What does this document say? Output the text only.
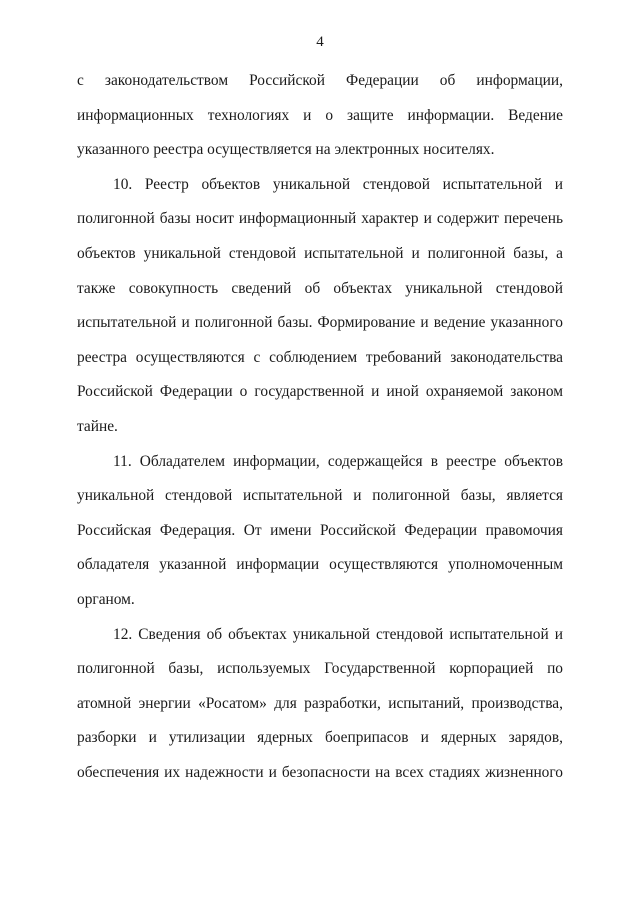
4

с законодательством Российской Федерации об информации, информационных технологиях и о защите информации. Ведение указанного реестра осуществляется на электронных носителях.

10. Реестр объектов уникальной стендовой испытательной и полигонной базы носит информационный характер и содержит перечень объектов уникальной стендовой испытательной и полигонной базы, а также совокупность сведений об объектах уникальной стендовой испытательной и полигонной базы. Формирование и ведение указанного реестра осуществляются с соблюдением требований законодательства Российской Федерации о государственной и иной охраняемой законом тайне.

11. Обладателем информации, содержащейся в реестре объектов уникальной стендовой испытательной и полигонной базы, является Российская Федерация. От имени Российской Федерации правомочия обладателя указанной информации осуществляются уполномоченным органом.

12. Сведения об объектах уникальной стендовой испытательной и полигонной базы, используемых Государственной корпорацией по атомной энергии «Росатом» для разработки, испытаний, производства, разборки и утилизации ядерных боеприпасов и ядерных зарядов, обеспечения их надежности и безопасности на всех стадиях жизненного
